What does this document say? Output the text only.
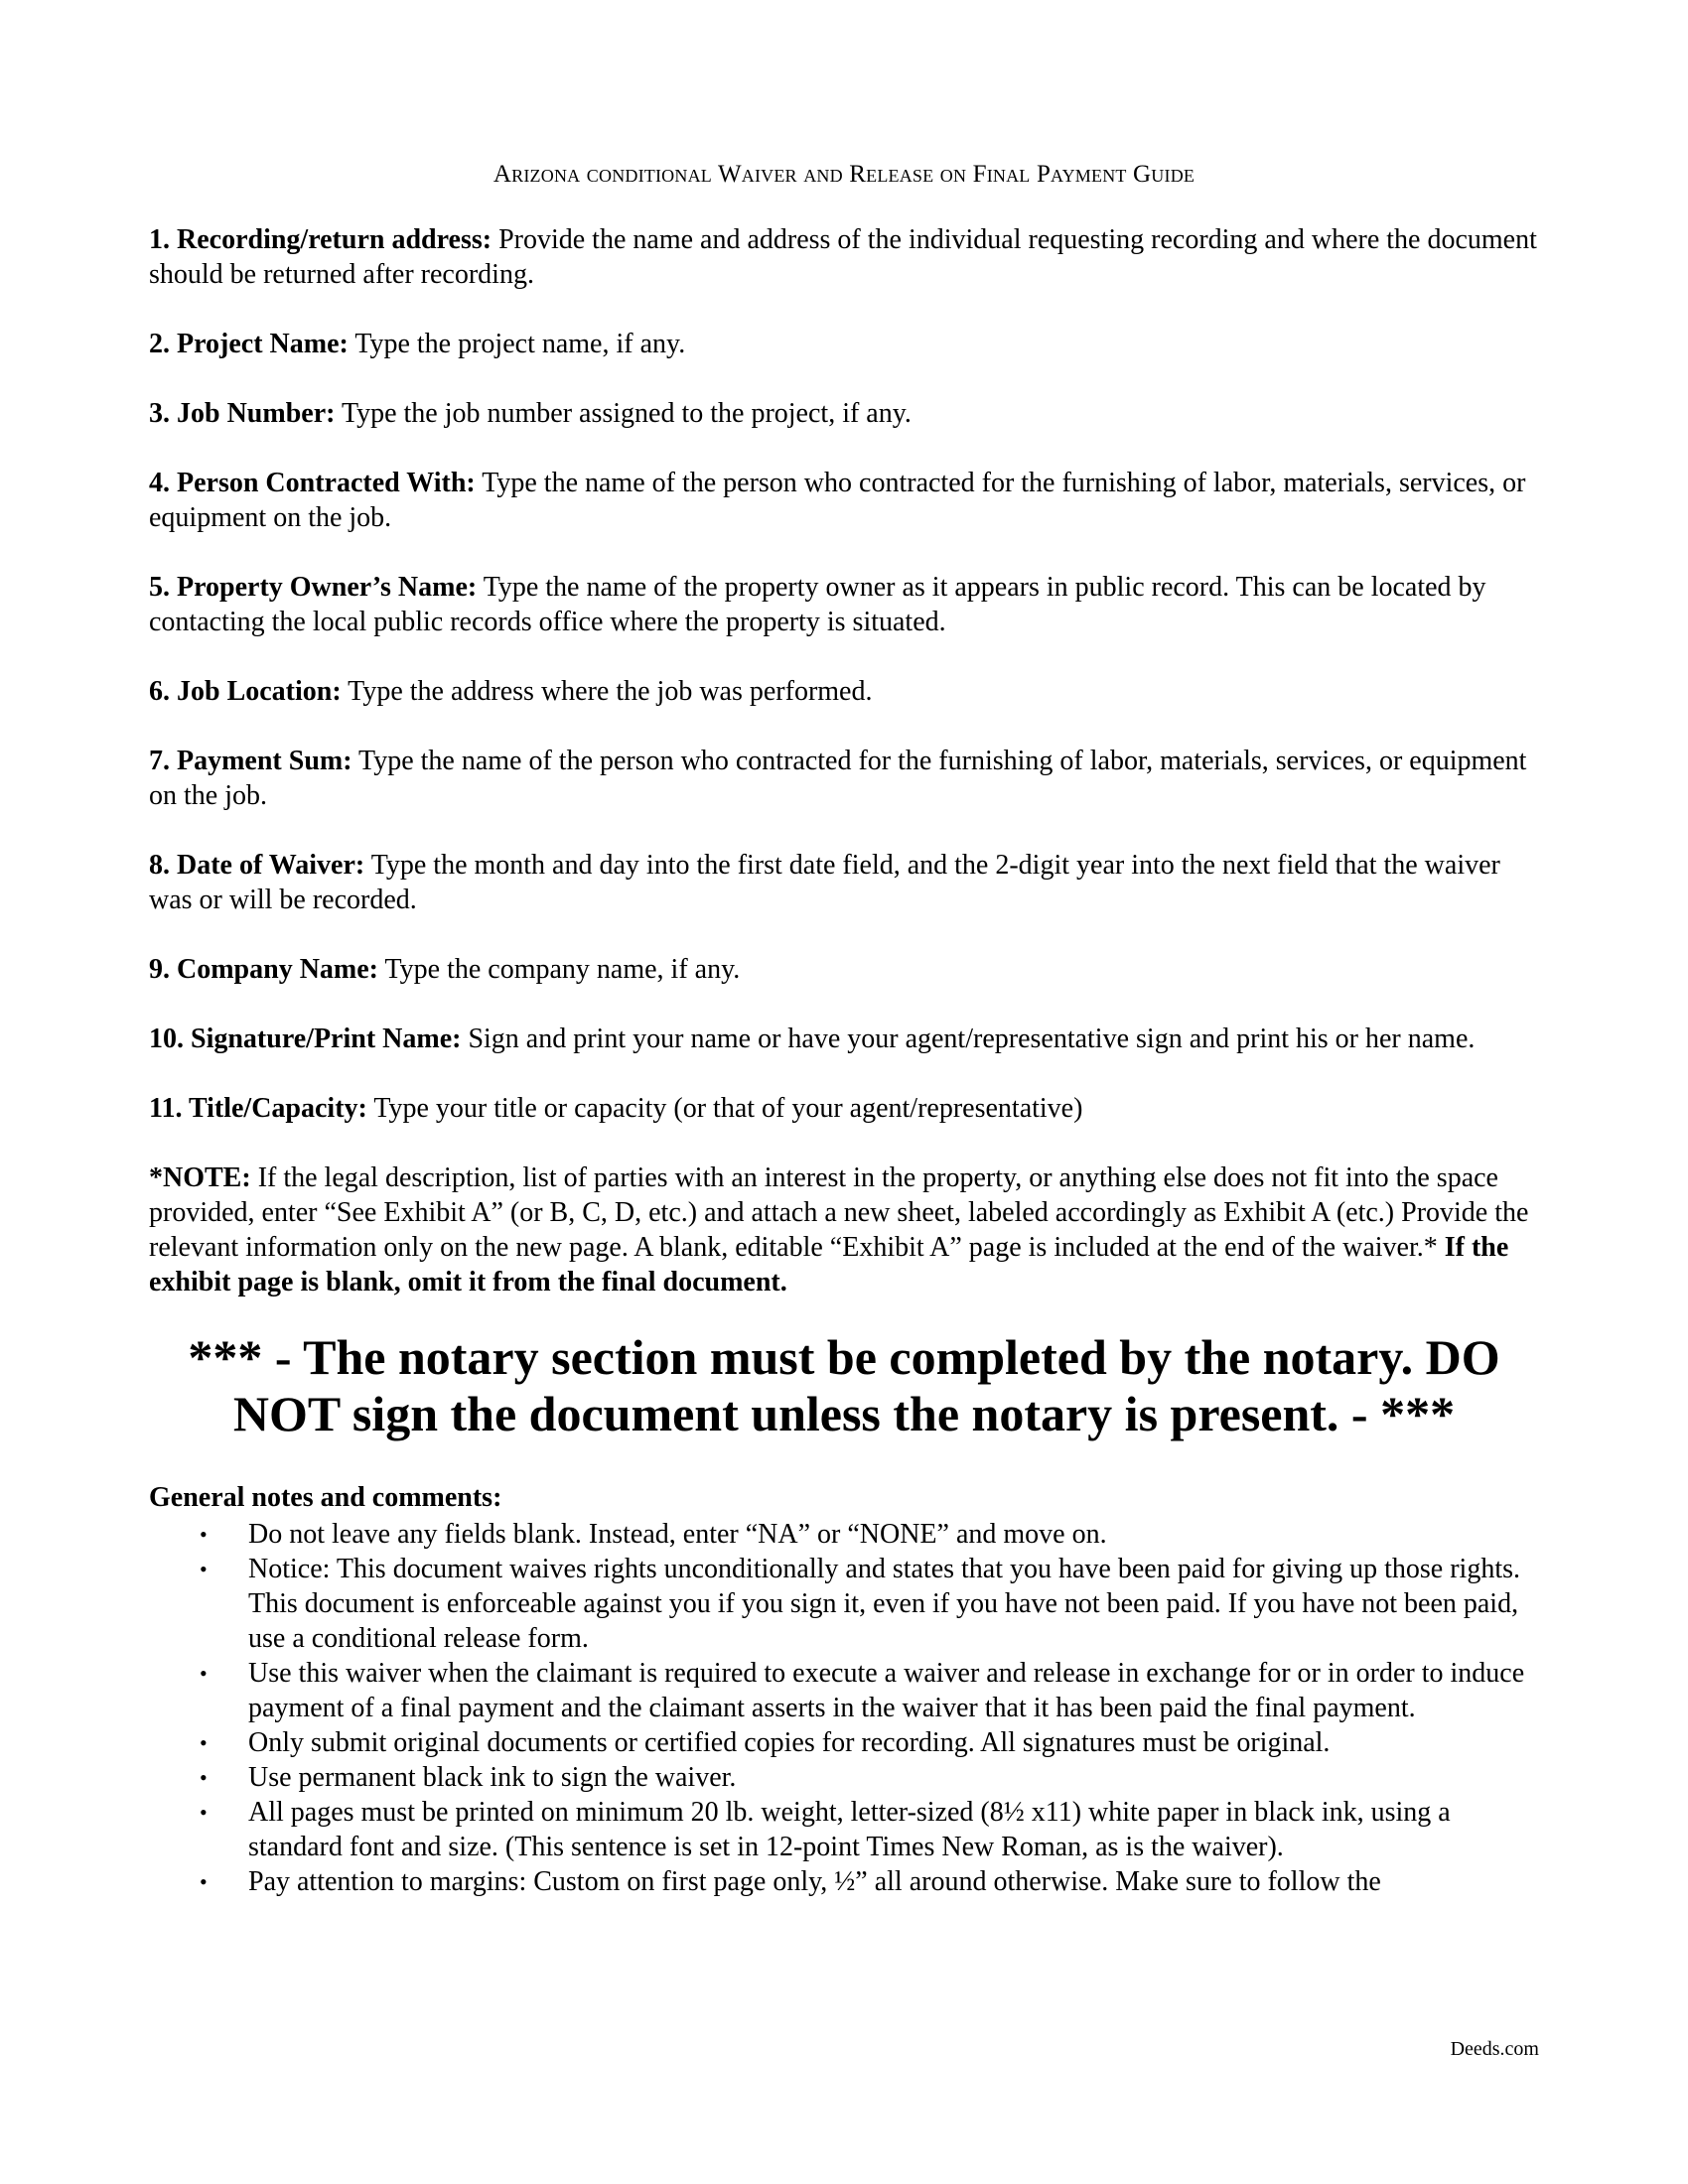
Arizona conditional Waiver and Release on Final Payment Guide
1. Recording/return address: Provide the name and address of the individual requesting recording and where the document should be returned after recording.
2. Project Name: Type the project name, if any.
3. Job Number: Type the job number assigned to the project, if any.
4. Person Contracted With: Type the name of the person who contracted for the furnishing of labor, materials, services, or equipment on the job.
5. Property Owner’s Name: Type the name of the property owner as it appears in public record. This can be located by contacting the local public records office where the property is situated.
6. Job Location: Type the address where the job was performed.
7. Payment Sum: Type the name of the person who contracted for the furnishing of labor, materials, services, or equipment on the job.
8. Date of Waiver: Type the month and day into the first date field, and the 2-digit year into the next field that the waiver was or will be recorded.
9. Company Name: Type the company name, if any.
10. Signature/Print Name: Sign and print your name or have your agent/representative sign and print his or her name.
11. Title/Capacity: Type your title or capacity (or that of your agent/representative)
*NOTE: If the legal description, list of parties with an interest in the property, or anything else does not fit into the space provided, enter “See Exhibit A” (or B, C, D, etc.) and attach a new sheet, labeled accordingly as Exhibit A (etc.) Provide the relevant information only on the new page. A blank, editable “Exhibit A” page is included at the end of the waiver.* If the exhibit page is blank, omit it from the final document.
*** - The notary section must be completed by the notary. DO NOT sign the document unless the notary is present. - ***
General notes and comments:
• Do not leave any fields blank. Instead, enter “NA” or “NONE” and move on.
• Notice: This document waives rights unconditionally and states that you have been paid for giving up those rights. This document is enforceable against you if you sign it, even if you have not been paid. If you have not been paid, use a conditional release form.
• Use this waiver when the claimant is required to execute a waiver and release in exchange for or in order to induce payment of a final payment and the claimant asserts in the waiver that it has been paid the final payment.
• Only submit original documents or certified copies for recording. All signatures must be original.
• Use permanent black ink to sign the waiver.
• All pages must be printed on minimum 20 lb. weight, letter-sized (8½ x11) white paper in black ink, using a standard font and size. (This sentence is set in 12-point Times New Roman, as is the waiver).
• Pay attention to margins: Custom on first page only, ½” all around otherwise. Make sure to follow the
Deeds.com
